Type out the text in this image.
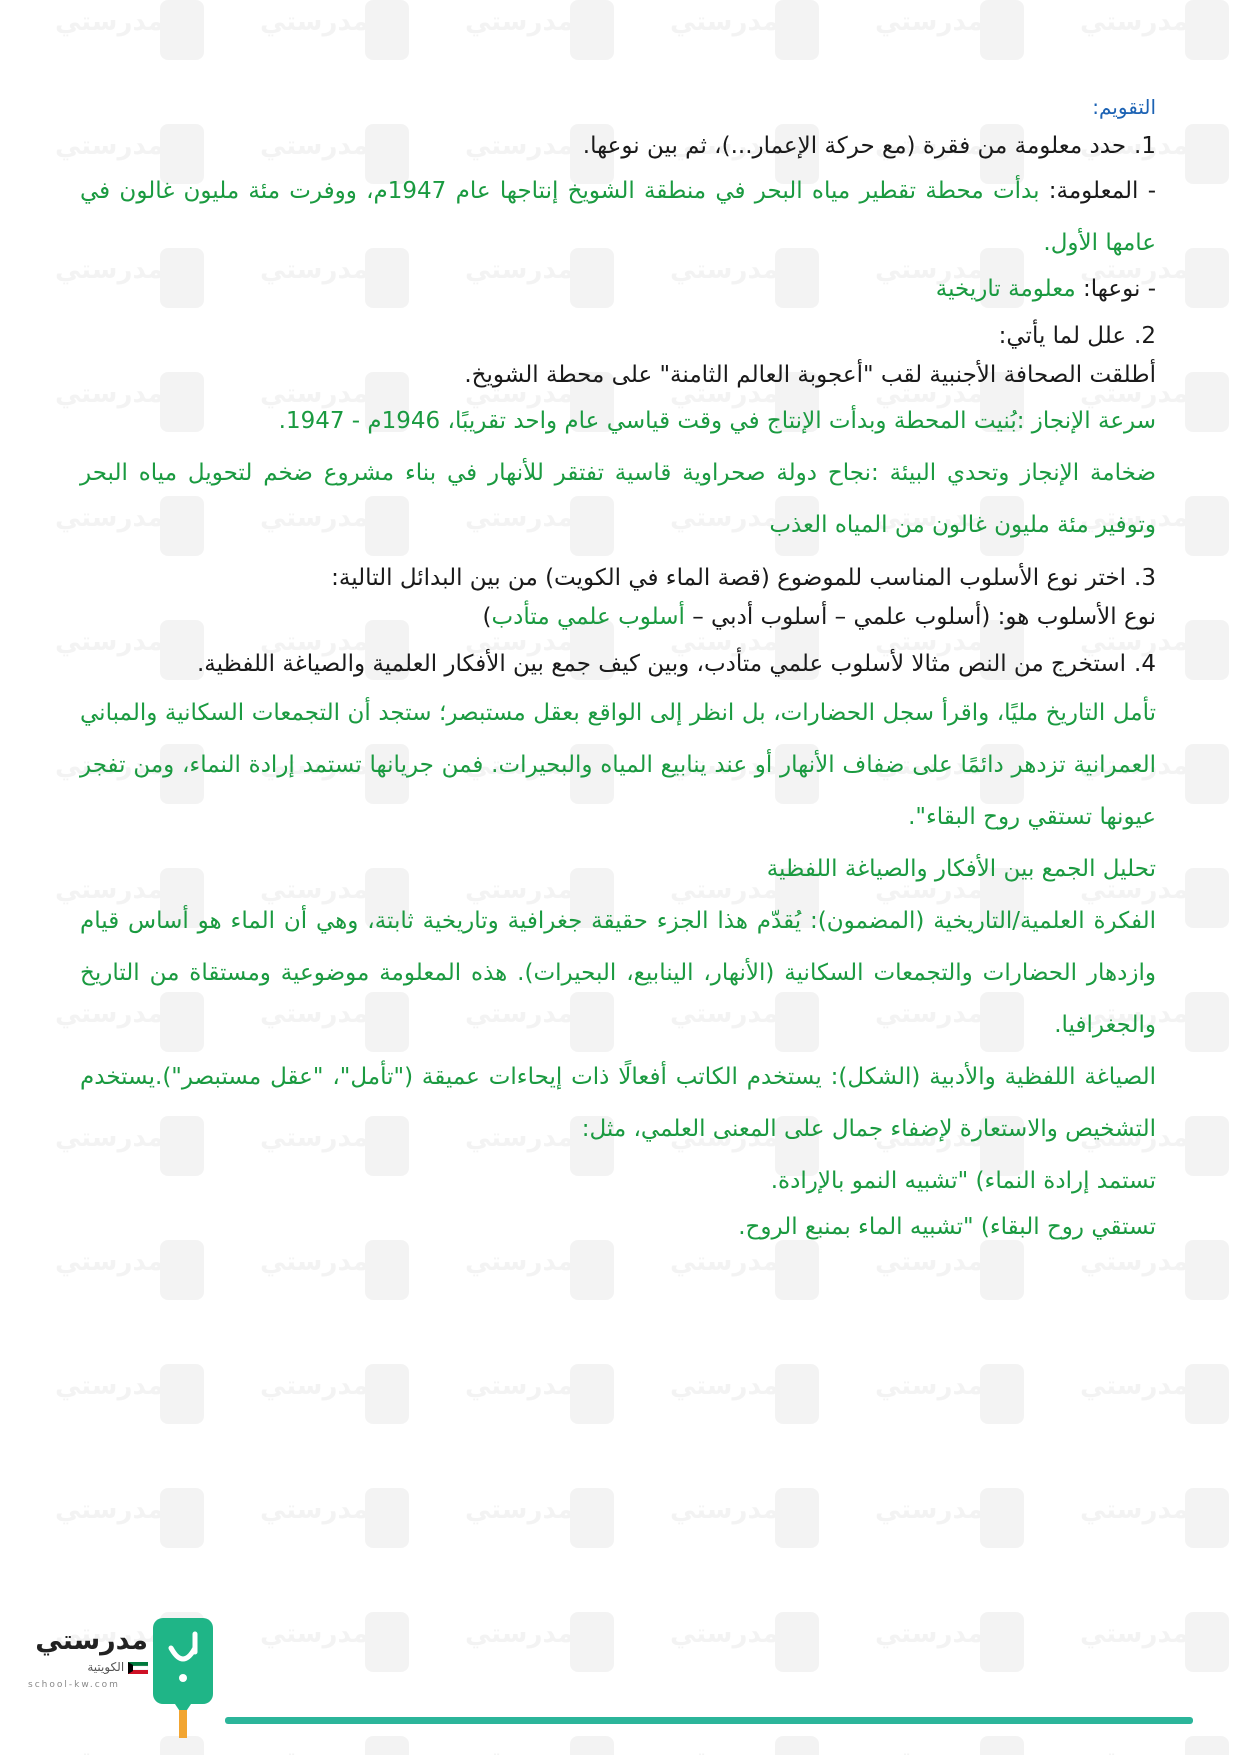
التقويم:

1 .
حدد معلومة من فقرة (مع حركة الإعمار...)، ثم بين نوعها.

- المعلومة: بدأت محطة تقطير مياه البحر في منطقة الشويخ إنتاجها عام 1947م، ووفرت مئة مليون غالون في عامها الأول.

- نوعها: معلومة تاريخية

2 .
علل لما يأتي:

أطلقت الصحافة الأجنبية لقب "أعجوبة العالم الثامنة" على محطة الشويخ.

سرعة الإنجاز :بُنيت المحطة وبدأت الإنتاج في وقت قياسي عام واحد تقريبًا، 1946م - 1947.

ضخامة الإنجاز وتحدي البيئة :نجاح دولة صحراوية قاسية تفتقر للأنهار في بناء مشروع ضخم لتحويل مياه البحر وتوفير مئة مليون غالون من المياه العذب

3 .
اختر نوع الأسلوب المناسب للموضوع (قصة الماء في الكويت) من بين البدائل التالية:

نوع الأسلوب هو: (أسلوب علمي – أسلوب أدبي – أسلوب علمي متأدب)

4 .
استخرج من النص مثالا لأسلوب علمي متأدب، وبين كيف جمع بين الأفكار العلمية والصياغة اللفظية.

تأمل التاريخ مليًا، واقرأ سجل الحضارات، بل انظر إلى الواقع بعقل مستبصر؛ ستجد أن التجمعات السكانية والمباني العمرانية تزدهر دائمًا على ضفاف الأنهار أو عند ينابيع المياه والبحيرات. فمن جريانها تستمد إرادة النماء، ومن تفجر عيونها تستقي روح البقاء".

تحليل الجمع بين الأفكار والصياغة اللفظية

الفكرة العلمية/التاريخية (المضمون): يُقدّم هذا الجزء حقيقة جغرافية وتاريخية ثابتة، وهي أن الماء هو أساس قيام وازدهار الحضارات والتجمعات السكانية (الأنهار، الينابيع، البحيرات). هذه المعلومة موضوعية ومستقاة من التاريخ والجغرافيا.

الصياغة اللفظية والأدبية (الشكل): يستخدم الكاتب أفعالًا ذات إيحاءات عميقة ("تأمل"، "عقل مستبصر").يستخدم التشخيص والاستعارة لإضفاء جمال على المعنى العلمي، مثل:

تستمد إرادة النماء) "تشبيه النمو بالإرادة.

تستقي روح البقاء) "تشبيه الماء بمنبع الروح.

مدرستي
الكويتية
school-kw.com
